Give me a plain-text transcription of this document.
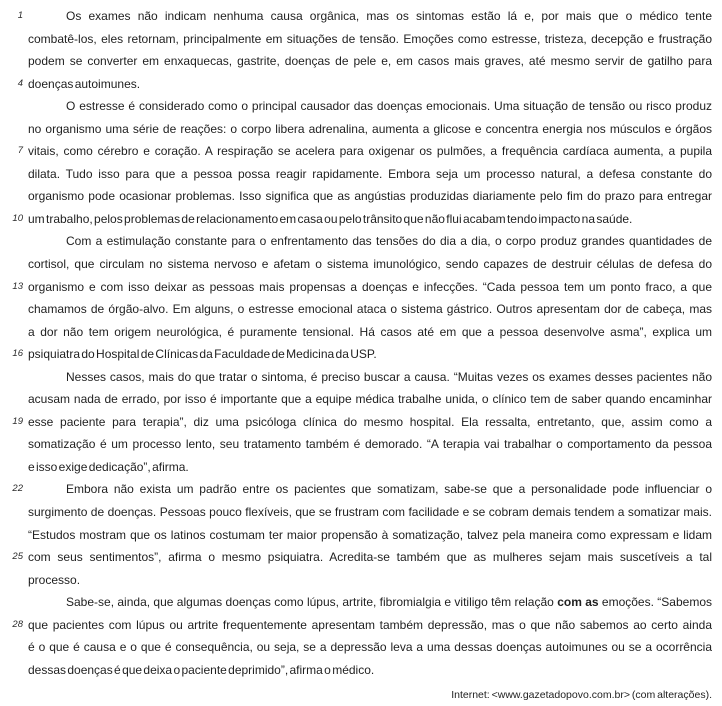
1	Os exames não indicam nenhuma causa orgânica, mas os sintomas estão lá e, por mais que o médico tente
combatê-los, eles retornam, principalmente em situações de tensão. Emoções como estresse, tristeza, decepção e frustração
podem se converter em enxaquecas, gastrite, doenças de pele e, em casos mais graves, até mesmo servir de gatilho para
4 doenças autoimunes.
O estresse é considerado como o principal causador das doenças emocionais. Uma situação de tensão ou risco produz
no organismo uma série de reações: o corpo libera adrenalina, aumenta a glicose e concentra energia nos músculos e órgãos
7 vitais, como cérebro e coração. A respiração se acelera para oxigenar os pulmões, a frequência cardíaca aumenta, a pupila
dilata. Tudo isso para que a pessoa possa reagir rapidamente. Embora seja um processo natural, a defesa constante do
organismo pode ocasionar problemas. Isso significa que as angústias produzidas diariamente pelo fim do prazo para entregar
10 um trabalho, pelos problemas de relacionamento em casa ou pelo trânsito que não flui acabam tendo impacto na saúde.
Com a estimulação constante para o enfrentamento das tensões do dia a dia, o corpo produz grandes quantidades de
cortisol, que circulam no sistema nervoso e afetam o sistema imunológico, sendo capazes de destruir células de defesa do
13 organismo e com isso deixar as pessoas mais propensas a doenças e infecções. “Cada pessoa tem um ponto fraco, a que
chamamos de órgão-alvo. Em alguns, o estresse emocional ataca o sistema gástrico. Outros apresentam dor de cabeça, mas
a dor não tem origem neurológica, é puramente tensional. Há casos até em que a pessoa desenvolve asma”, explica um
16 psiquiatra do Hospital de Clínicas da Faculdade de Medicina da USP.
Nesses casos, mais do que tratar o sintoma, é preciso buscar a causa. “Muitas vezes os exames desses pacientes não
acusam nada de errado, por isso é importante que a equipe médica trabalhe unida, o clínico tem de saber quando encaminhar
19 esse paciente para terapia”, diz uma psicóloga clínica do mesmo hospital. Ela ressalta, entretanto, que, assim como a
somatização é um processo lento, seu tratamento também é demorado. “A terapia vai trabalhar o comportamento da pessoa
e isso exige dedicação”, afirma.
22	Embora não exista um padrão entre os pacientes que somatizam, sabe-se que a personalidade pode influenciar o
surgimento de doenças. Pessoas pouco flexíveis, que se frustram com facilidade e se cobram demais tendem a somatizar mais.
“Estudos mostram que os latinos costumam ter maior propensão à somatização, talvez pela maneira como expressam e lidam
25 com seus sentimentos”, afirma o mesmo psiquiatra. Acredita-se também que as mulheres sejam mais suscetíveis a tal
processo.
Sabe-se, ainda, que algumas doenças como lúpus, artrite, fibromialgia e vitiligo têm relação com as emoções. “Sabemos
28 que pacientes com lúpus ou artrite frequentemente apresentam também depressão, mas o que não sabemos ao certo ainda
é o que é causa e o que é consequência, ou seja, se a depressão leva a uma dessas doenças autoimunes ou se a ocorrência
dessas doenças é que deixa o paciente deprimido”, afirma o médico.
Internet: <www.gazetadopovo.com.br> (com alterações).
